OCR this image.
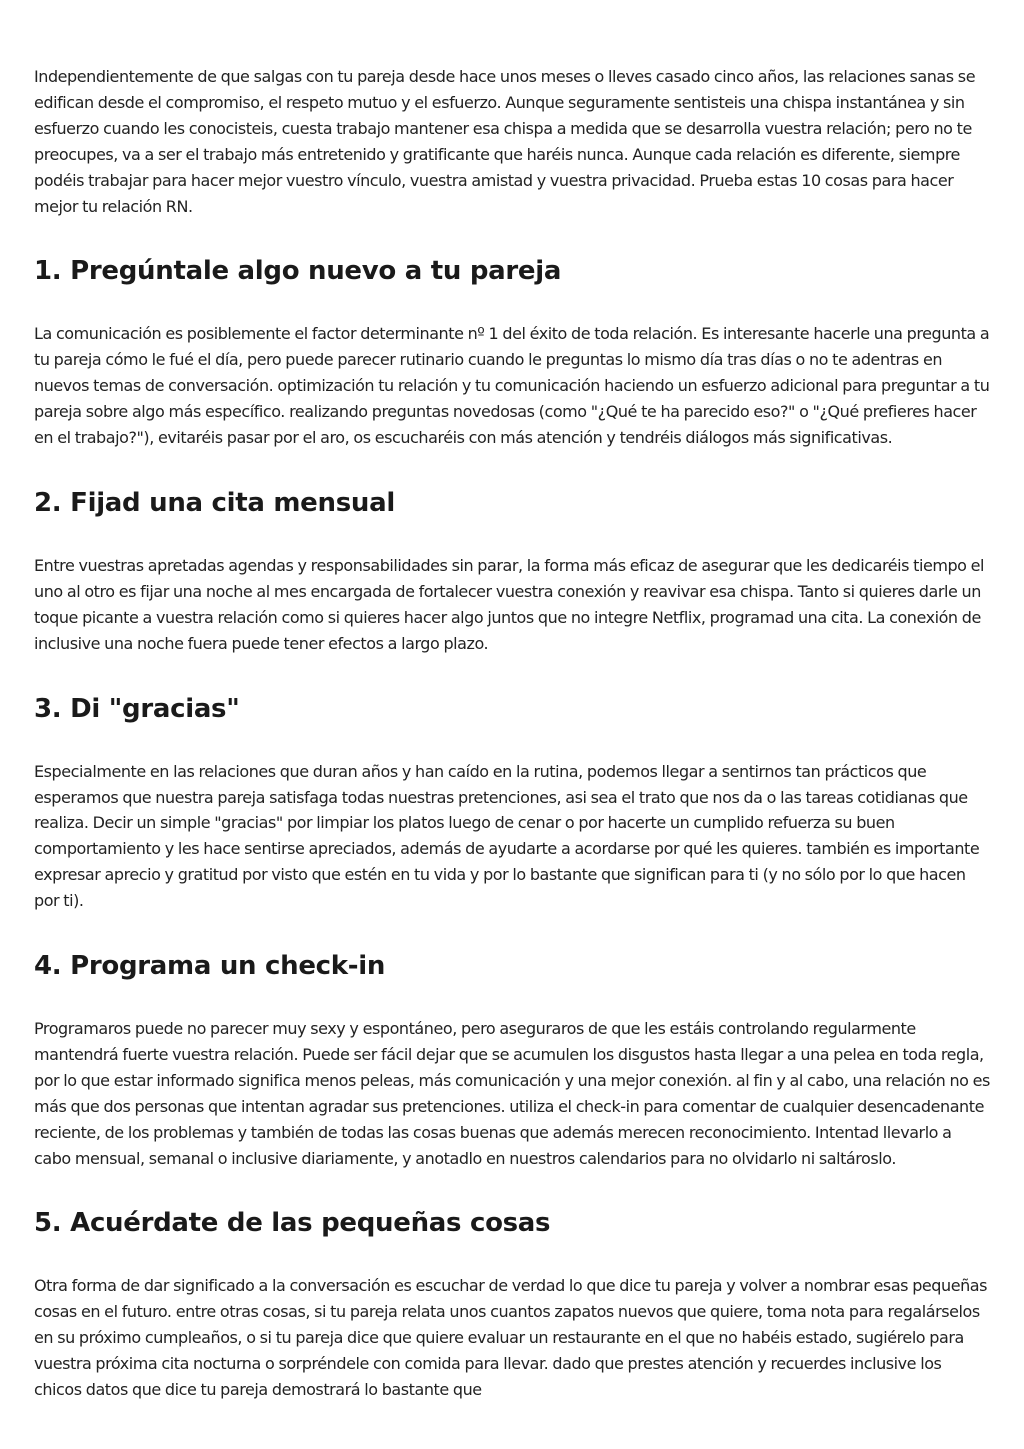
Independientemente de que salgas con tu pareja desde hace unos meses o lleves casado cinco años, las relaciones sanas se edifican desde el compromiso, el respeto mutuo y el esfuerzo. Aunque seguramente sentisteis una chispa instantánea y sin esfuerzo cuando les conocisteis, cuesta trabajo mantener esa chispa a medida que se desarrolla vuestra relación; pero no te preocupes, va a ser el trabajo más entretenido y gratificante que haréis nunca. Aunque cada relación es diferente, siempre podéis trabajar para hacer mejor vuestro vínculo, vuestra amistad y vuestra privacidad. Prueba estas 10 cosas para hacer mejor tu relación RN.

1. Pregúntale algo nuevo a tu pareja

La comunicación es posiblemente el factor determinante nº 1 del éxito de toda relación. Es interesante hacerle una pregunta a tu pareja cómo le fué el día, pero puede parecer rutinario cuando le preguntas lo mismo día tras días o no te adentras en nuevos temas de conversación. optimización tu relación y tu comunicación haciendo un esfuerzo adicional para preguntar a tu pareja sobre algo más específico. realizando preguntas novedosas (como "¿Qué te ha parecido eso?" o "¿Qué prefieres hacer en el trabajo?"), evitaréis pasar por el aro, os escucharéis con más atención y tendréis diálogos más significativas.

2. Fijad una cita mensual

Entre vuestras apretadas agendas y responsabilidades sin parar, la forma más eficaz de asegurar que les dedicaréis tiempo el uno al otro es fijar una noche al mes encargada de fortalecer vuestra conexión y reavivar esa chispa. Tanto si quieres darle un toque picante a vuestra relación como si quieres hacer algo juntos que no integre Netflix, programad una cita. La conexión de inclusive una noche fuera puede tener efectos a largo plazo.

3. Di "gracias"

Especialmente en las relaciones que duran años y han caído en la rutina, podemos llegar a sentirnos tan prácticos que esperamos que nuestra pareja satisfaga todas nuestras pretenciones, asi sea el trato que nos da o las tareas cotidianas que realiza. Decir un simple "gracias" por limpiar los platos luego de cenar o por hacerte un cumplido refuerza su buen comportamiento y les hace sentirse apreciados, además de ayudarte a acordarse por qué les quieres. también es importante expresar aprecio y gratitud por visto que estén en tu vida y por lo bastante que significan para ti (y no sólo por lo que hacen por ti).

4. Programa un check-in

Programaros puede no parecer muy sexy y espontáneo, pero aseguraros de que les estáis controlando regularmente mantendrá fuerte vuestra relación. Puede ser fácil dejar que se acumulen los disgustos hasta llegar a una pelea en toda regla, por lo que estar informado significa menos peleas, más comunicación y una mejor conexión. al fin y al cabo, una relación no es más que dos personas que intentan agradar sus pretenciones. utiliza el check-in para comentar de cualquier desencadenante reciente, de los problemas y también de todas las cosas buenas que además merecen reconocimiento. Intentad llevarlo a cabo mensual, semanal o inclusive diariamente, y anotadlo en nuestros calendarios para no olvidarlo ni saltároslo.

5. Acuérdate de las pequeñas cosas

Otra forma de dar significado a la conversación es escuchar de verdad lo que dice tu pareja y volver a nombrar esas pequeñas cosas en el futuro. entre otras cosas, si tu pareja relata unos cuantos zapatos nuevos que quiere, toma nota para regalárselos en su próximo cumpleaños, o si tu pareja dice que quiere evaluar un restaurante en el que no habéis estado, sugiérelo para vuestra próxima cita nocturna o sorpréndele con comida para llevar. dado que prestes atención y recuerdes inclusive los chicos datos que dice tu pareja demostrará lo bastante que
